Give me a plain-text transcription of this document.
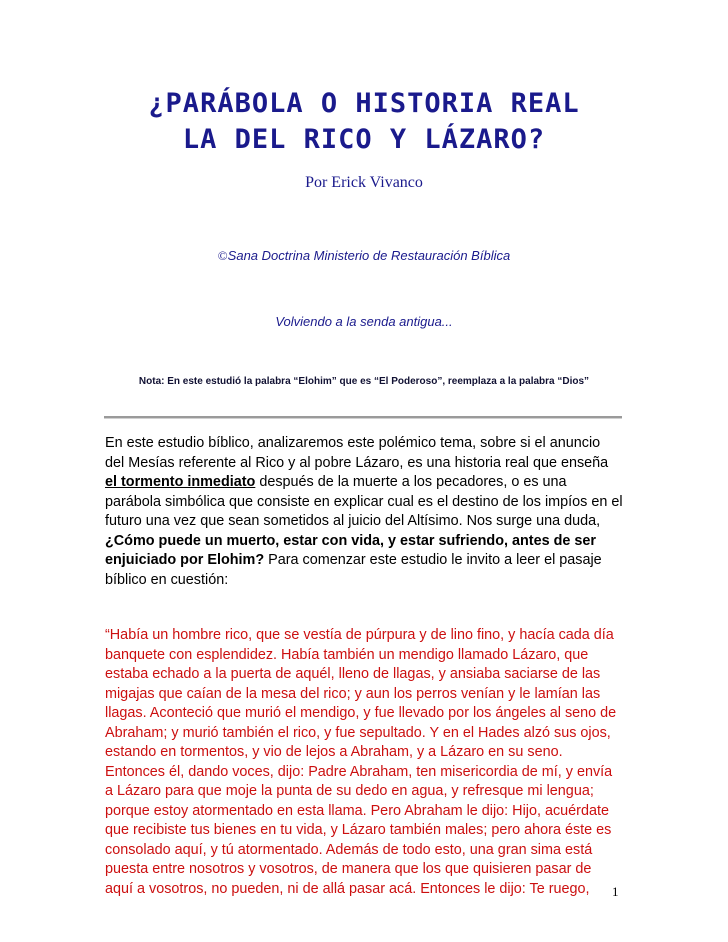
¿PARÁBOLA O HISTORIA REAL
LA DEL RICO Y LÁZARO?
Por Erick Vivanco
©Sana Doctrina Ministerio de Restauración Bíblica
Volviendo a la senda antigua...
Nota: En este estudió la palabra “Elohim” que es “El Poderoso”, reemplaza a la palabra “Dios”
En este estudio bíblico, analizaremos este polémico tema, sobre si el anuncio
del Mesías referente al Rico y al pobre Lázaro, es una historia real que enseña
el tormento inmediato después de la muerte a los pecadores, o es una
parábola simbólica que consiste en explicar cual es el destino de los impíos en el
futuro una vez que sean sometidos al juicio del Altísimo. Nos surge una duda,
¿Cómo puede un muerto, estar con vida, y estar sufriendo, antes de ser
enjuiciado por Elohim? Para comenzar este estudio le invito a leer el pasaje
bíblico en cuestión:
“Había un hombre rico, que se vestía de púrpura y de lino fino, y hacía cada día
banquete con esplendidez. Había también un mendigo llamado Lázaro, que
estaba echado a la puerta de aquél, lleno de llagas, y ansiaba saciarse de las
migajas que caían de la mesa del rico; y aun los perros venían y le lamían las
llagas. Aconteció que murió el mendigo, y fue llevado por los ángeles al seno de
Abraham; y murió también el rico, y fue sepultado. Y en el Hades alzó sus ojos,
estando en tormentos, y vio de lejos a Abraham, y a Lázaro en su seno.
Entonces él, dando voces, dijo: Padre Abraham, ten misericordia de mí, y envía
a Lázaro para que moje la punta de su dedo en agua, y refresque mi lengua;
porque estoy atormentado en esta llama. Pero Abraham le dijo: Hijo, acuérdate
que recibiste tus bienes en tu vida, y Lázaro también males; pero ahora éste es
consolado aquí, y tú atormentado. Además de todo esto, una gran sima está
puesta entre nosotros y vosotros, de manera que los que quisieren pasar de
aquí a vosotros, no pueden, ni de allá pasar acá. Entonces le dijo: Te ruego,	1
